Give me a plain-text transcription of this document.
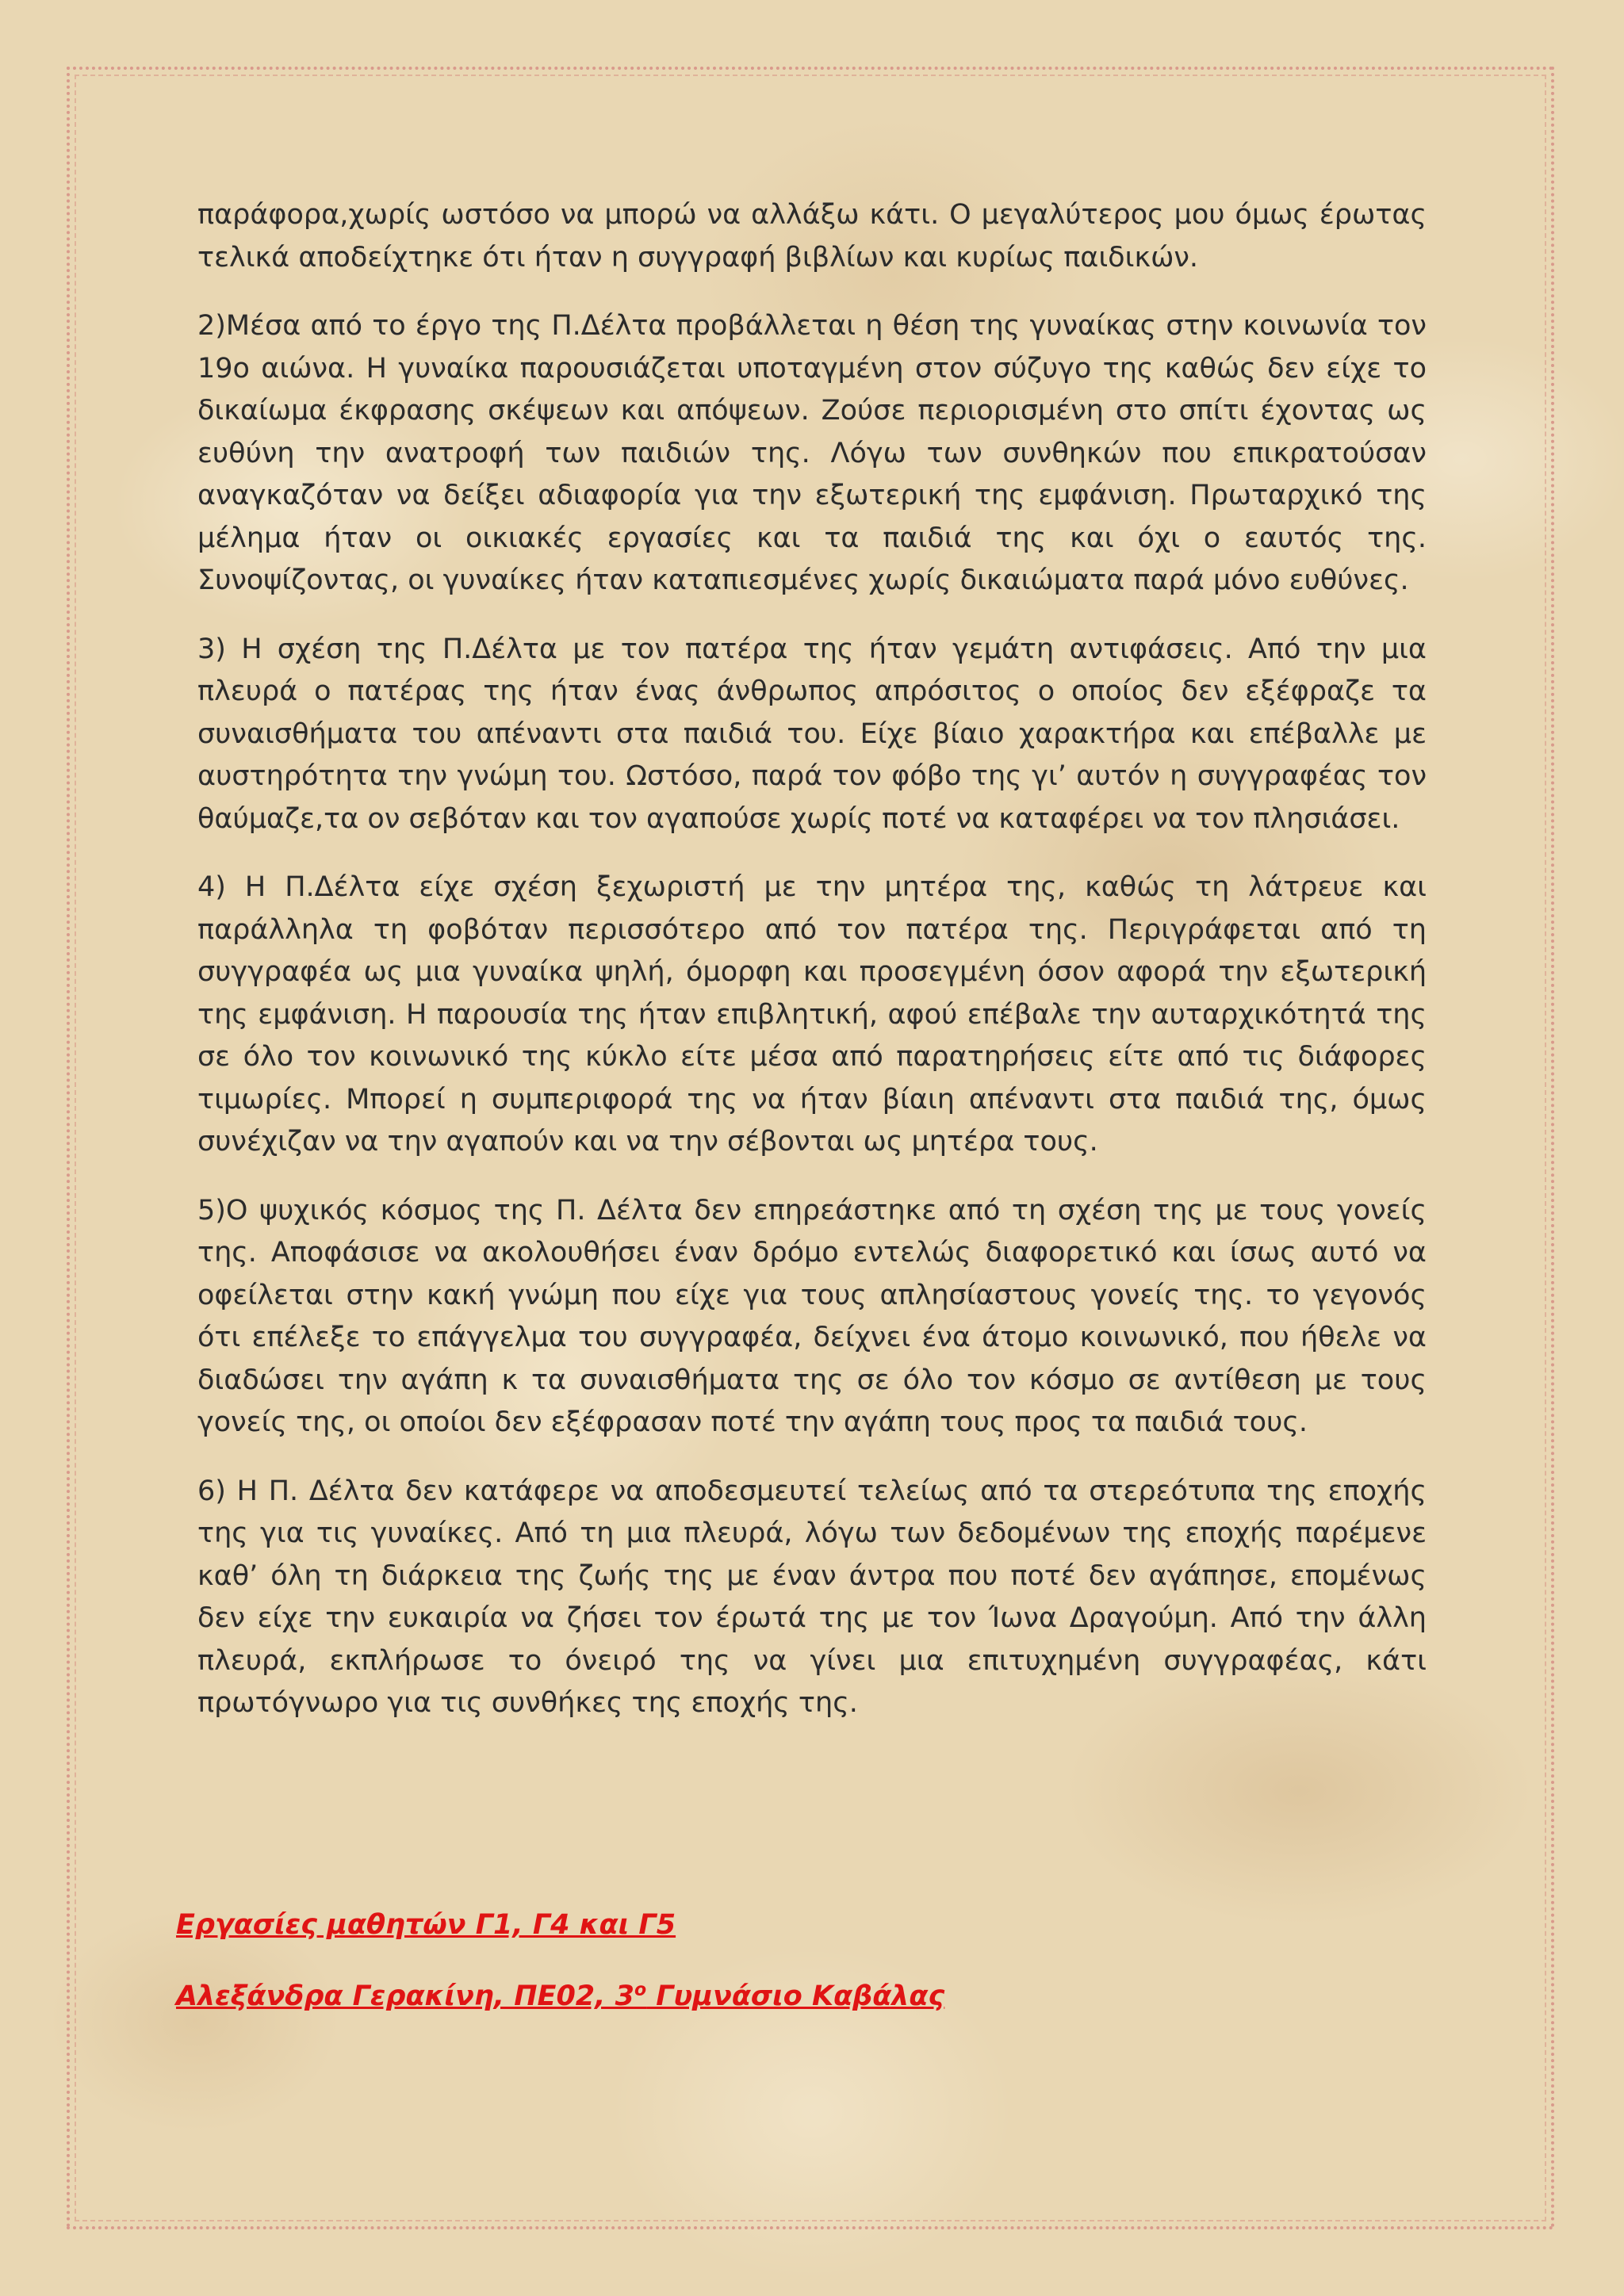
παράφορα,χωρίς ωστόσο να μπορώ να αλλάξω κάτι. Ο μεγαλύτερος μου όμως έρωτας τελικά αποδείχτηκε ότι ήταν η συγγραφή βιβλίων και κυρίως παιδικών.

2)Μέσα από το έργο της Π.Δέλτα προβάλλεται η θέση της γυναίκας στην κοινωνία τον 19ο αιώνα. Η γυναίκα παρουσιάζεται υποταγμένη στον σύζυγο της καθώς δεν είχε το δικαίωμα έκφρασης σκέψεων και απόψεων. Ζούσε περιορισμένη στο σπίτι έχοντας ως ευθύνη την ανατροφή των παιδιών της. Λόγω των συνθηκών που επικρατούσαν αναγκαζόταν να δείξει αδιαφορία για την εξωτερική της εμφάνιση. Πρωταρχικό της μέλημα ήταν οι οικιακές εργασίες και τα παιδιά της και όχι ο εαυτός της. Συνοψίζοντας, οι γυναίκες ήταν καταπιεσμένες χωρίς δικαιώματα παρά μόνο ευθύνες.

3) Η σχέση της Π.Δέλτα με τον πατέρα της ήταν γεμάτη αντιφάσεις. Από την μια πλευρά ο πατέρας της ήταν ένας άνθρωπος απρόσιτος ο οποίος δεν εξέφραζε τα συναισθήματα του απέναντι στα παιδιά του. Είχε βίαιο χαρακτήρα και επέβαλλε με αυστηρότητα την γνώμη του. Ωστόσο, παρά τον φόβο της γι’ αυτόν η συγγραφέας τον θαύμαζε,τα ον σεβόταν και τον αγαπούσε χωρίς ποτέ να καταφέρει να τον πλησιάσει.

4) Η Π.Δέλτα είχε σχέση ξεχωριστή με την μητέρα της, καθώς τη λάτρευε και παράλληλα τη φοβόταν περισσότερο από τον πατέρα της. Περιγράφεται από τη συγγραφέα ως μια γυναίκα ψηλή, όμορφη και προσεγμένη όσον αφορά την εξωτερική της εμφάνιση. Η παρουσία της ήταν επιβλητική, αφού επέβαλε την αυταρχικότητά της σε όλο τον κοινωνικό της κύκλο είτε μέσα από παρατηρήσεις είτε από τις διάφορες τιμωρίες. Μπορεί η συμπεριφορά της να ήταν βίαιη απέναντι στα παιδιά της, όμως συνέχιζαν να την αγαπούν και να την σέβονται ως μητέρα τους.

5)Ο ψυχικός κόσμος της Π. Δέλτα δεν επηρεάστηκε από τη σχέση της με τους γονείς της. Αποφάσισε να ακολουθήσει έναν δρόμο εντελώς διαφορετικό και ίσως αυτό να οφείλεται στην κακή γνώμη που είχε για τους απλησίαστους γονείς της. το γεγονός ότι επέλεξε το επάγγελμα του συγγραφέα, δείχνει ένα άτομο κοινωνικό, που ήθελε να διαδώσει την αγάπη κ τα συναισθήματα της σε όλο τον κόσμο σε αντίθεση με τους γονείς της, οι οποίοι δεν εξέφρασαν ποτέ την αγάπη τους προς τα παιδιά τους.

6) Η Π. Δέλτα δεν κατάφερε να αποδεσμευτεί τελείως από τα στερεότυπα της εποχής της για τις γυναίκες. Από τη μια πλευρά, λόγω των δεδομένων της εποχής παρέμενε καθ’ όλη τη διάρκεια της ζωής της με έναν άντρα που ποτέ δεν αγάπησε, επομένως δεν είχε την ευκαιρία να ζήσει τον έρωτά της με τον Ίωνα Δραγούμη. Από την άλλη πλευρά, εκπλήρωσε το όνειρό της να γίνει μια επιτυχημένη συγγραφέας, κάτι πρωτόγνωρο για τις συνθήκες της εποχής της.

Εργασίες μαθητών Γ1, Γ4 και Γ5
Αλεξάνδρα Γερακίνη, ΠΕ02, $3^o$ Γυμνάσιο Καβάλας
